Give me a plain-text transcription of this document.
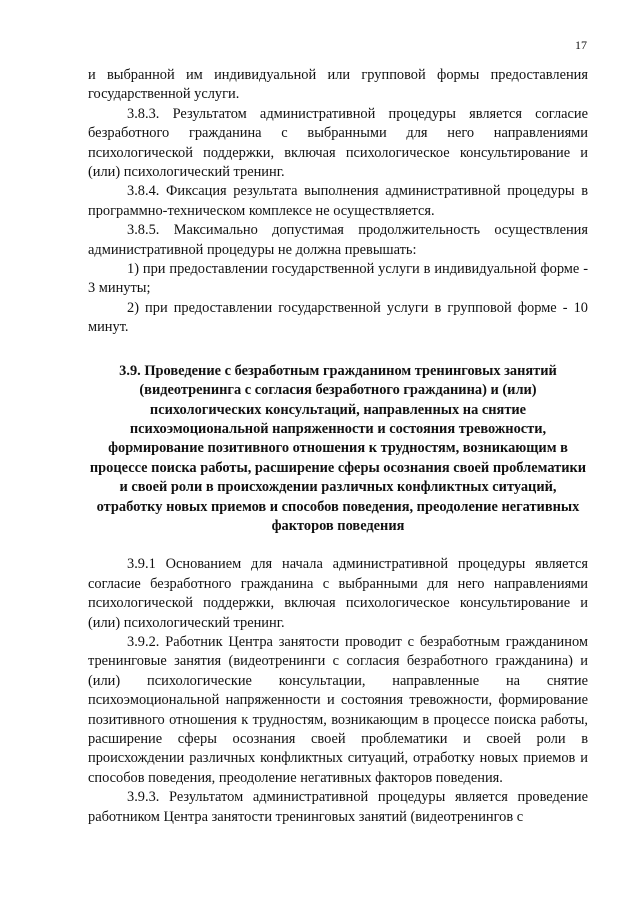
17

и выбранной им индивидуальной или групповой формы предоставления государственной услуги.

3.8.3. Результатом административной процедуры является согласие безработного гражданина с выбранными для него направлениями психологической поддержки, включая психологическое консультирование и (или) психологический тренинг.

3.8.4. Фиксация результата выполнения административной процедуры в программно-техническом комплексе не осуществляется.

3.8.5. Максимально допустимая продолжительность осуществления административной процедуры не должна превышать:

1) при предоставлении государственной услуги в индивидуальной форме - 3 минуты;

2) при предоставлении государственной услуги в групповой форме - 10 минут.

3.9. Проведение с безработным гражданином тренинговых занятий (видеотренинга с согласия безработного гражданина) и (или) психологических консультаций, направленных на снятие психоэмоциональной напряженности и состояния тревожности, формирование позитивного отношения к трудностям, возникающим в процессе поиска работы, расширение сферы осознания своей проблематики и своей роли в происхождении различных конфликтных ситуаций, отработку новых приемов и способов поведения, преодоление негативных факторов поведения

3.9.1 Основанием для начала административной процедуры является согласие безработного гражданина с выбранными для него направлениями психологической поддержки, включая психологическое консультирование и (или) психологический тренинг.

3.9.2. Работник Центра занятости проводит с безработным гражданином тренинговые занятия (видеотренинги с согласия безработного гражданина) и (или) психологические консультации, направленные на снятие психоэмоциональной напряженности и состояния тревожности, формирование позитивного отношения к трудностям, возникающим в процессе поиска работы, расширение сферы осознания своей проблематики и своей роли в происхождении различных конфликтных ситуаций, отработку новых приемов и способов поведения, преодоление негативных факторов поведения.

3.9.3. Результатом административной процедуры является проведение работником Центра занятости тренинговых занятий (видеотренингов с
